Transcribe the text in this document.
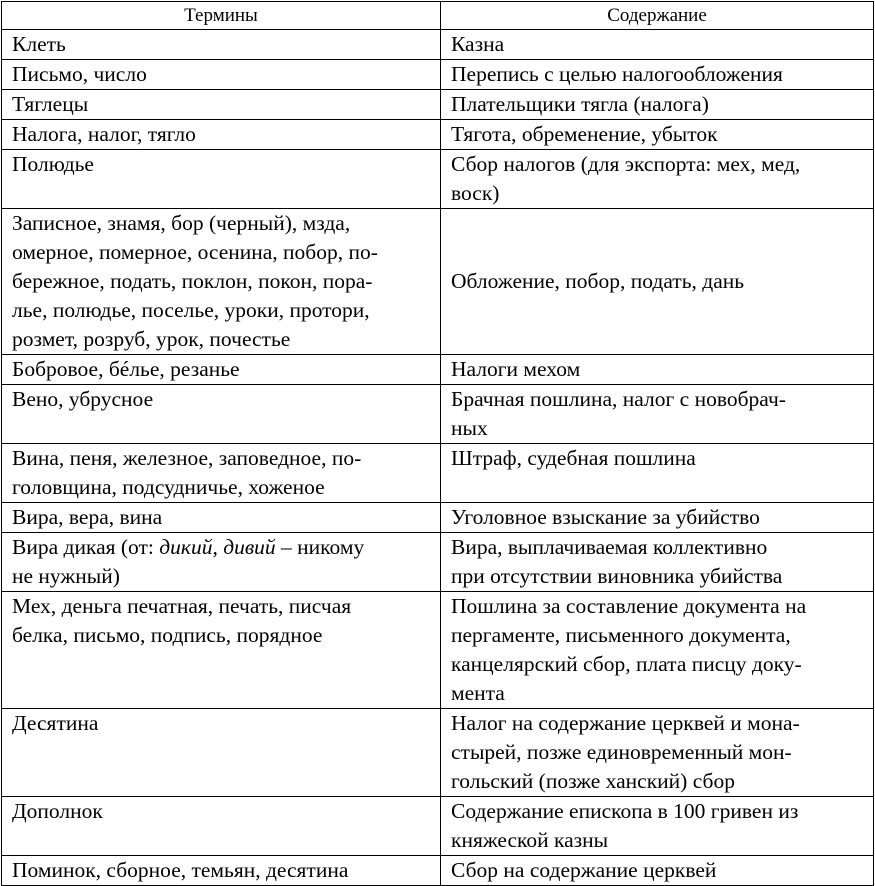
Термины	Содержание

Клеть	Казна

Письмо, число	Перепись с целью налогообложения

Тяглецы	Плательщики тягла (налога)

Налога, налог, тягло	Тягота, обременение, убыток

Полюдье	Сбор налогов (для экспорта: мех, мед,
воск)

Записное, знамя, бор (черный), мзда,
омерное, померное, осенина, побор, по-
бережное, подать, поклон, покон, пора-
лье, полюдье, поселье, уроки, протори,
розмет, розруб, урок, почестье	Обложение, побор, подать, дань

Бобровое, бéлье, резанье	Налоги мехом

Вено, убрусное	Брачная пошлина, налог с новобрач-
ных

Вина, пеня, железное, заповедное, по-
головщина, подсудничье, хоженое	Штраф, судебная пошлина

Вира, вера, вина	Уголовное взыскание за убийство

Вира дикая (от: дикий, дивий – никому
не нужный)	Вира, выплачиваемая коллективно
при отсутствии виновника убийства

Мех, деньга печатная, печать, писчая
белка, письмо, подпись, порядное	Пошлина за составление документа на
пергаменте, письменного документа,
канцелярский сбор, плата писцу доку-
мента

Десятина	Налог на содержание церквей и мона-
стырей, позже единовременный мон-
гольский (позже ханский) сбор

Дополнок	Содержание епископа в 100 гривен из
княжеской казны

Поминок, сборное, темьян, десятина	Сбор на содержание церквей
